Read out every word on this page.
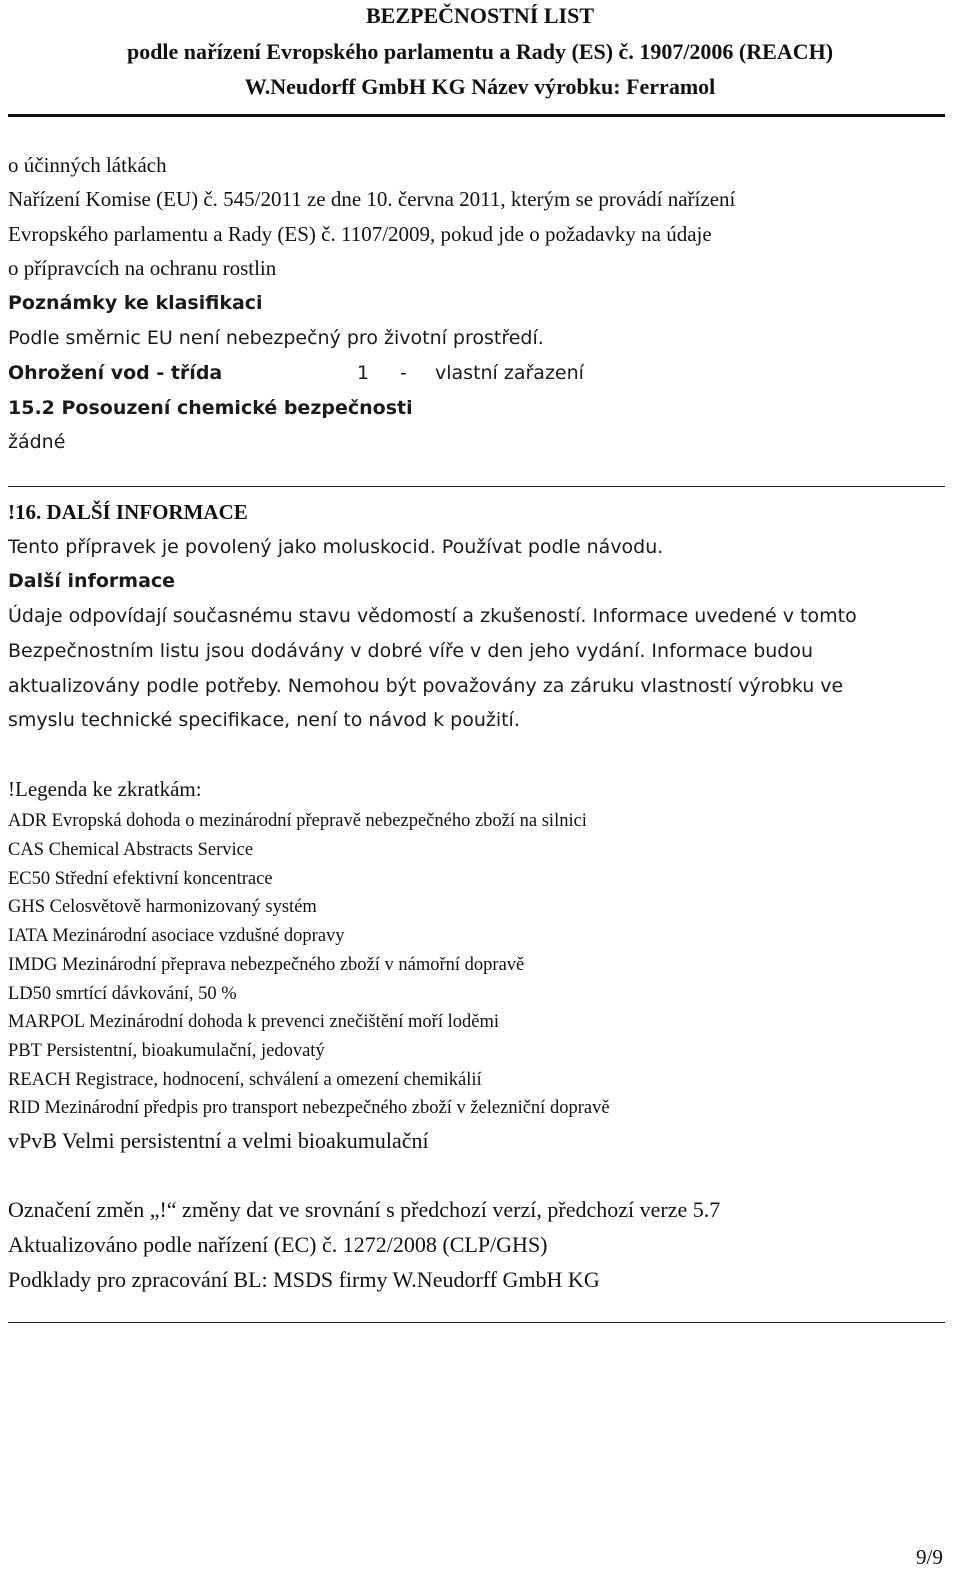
BEZPEČNOSTNÍ LIST
podle nařízení Evropského parlamentu a Rady (ES) č. 1907/2006 (REACH)
W.Neudorff GmbH KG Název výrobku: Ferramol
o účinných látkách
Nařízení Komise (EU) č. 545/2011 ze dne 10. června 2011, kterým se provádí nařízení
Evropského parlamentu a Rady (ES) č. 1107/2009, pokud jde o požadavky na údaje
o přípravcích na ochranu rostlin
Poznámky ke klasifikaci
Podle směrnic EU není nebezpečný pro životní prostředí.
Ohrožení vod - třída	1 - vlastní zařazení
15.2 Posouzení chemické bezpečnosti
žádné
!16. DALŠÍ INFORMACE
Tento přípravek je povolený jako moluskocid. Používat podle návodu.
Další informace
Údaje odpovídají současnému stavu vědomostí a zkušeností. Informace uvedené v tomto
Bezpečnostním listu jsou dodávány v dobré víře v den jeho vydání. Informace budou
aktualizovány podle potřeby. Nemohou být považovány za záruku vlastností výrobku ve
smyslu technické specifikace, není to návod k použití.
!Legenda ke zkratkám:
ADR Evropská dohoda o mezinárodní přepravě nebezpečného zboží na silnici
CAS Chemical Abstracts Service
EC50 Střední efektivní koncentrace
GHS Celosvětově harmonizovaný systém
IATA Mezinárodní asociace vzdušné dopravy
IMDG Mezinárodní přeprava nebezpečného zboží v námořní dopravě
LD50 smrtící dávkování, 50 %
MARPOL Mezinárodní dohoda k prevenci znečištění moří loděmi
PBT Persistentní, bioakumulační, jedovatý
REACH Registrace, hodnocení, schválení a omezení chemikálií
RID Mezinárodní předpis pro transport nebezpečného zboží v železniční dopravě
vPvB Velmi persistentní a velmi bioakumulační
Označení změn „!“ změny dat ve srovnání s předchozí verzí, předchozí verze 5.7
Aktualizováno podle nařízení (EC) č. 1272/2008 (CLP/GHS)
Podklady pro zpracování BL: MSDS firmy W.Neudorff GmbH KG
9/9
